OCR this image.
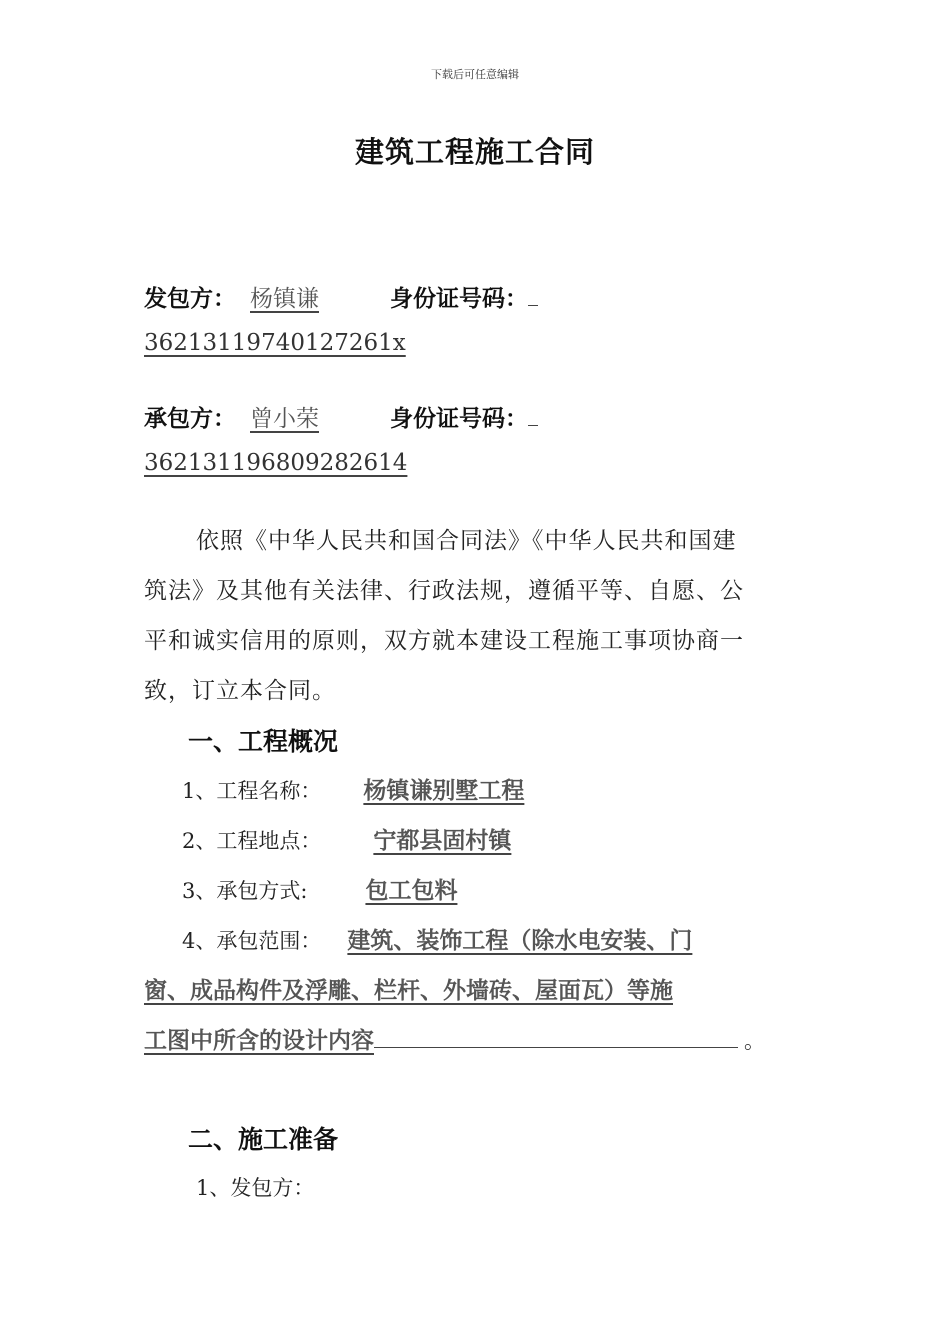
下载后可任意编辑
建筑工程施工合同
发包方： 杨镇谦	身份证号码：
36213119740127261x
承包方： 曾小荣	身份证号码：
362131196809282614
依照《中华人民共和国合同法》《中华人民共和国建
筑法》及其他有关法律、行政法规，遵循平等、自愿、公
平和诚实信用的原则，双方就本建设工程施工事项协商一
致，订立本合同。
一、工程概况
1、工程名称： 杨镇谦别墅工程
2、工程地点： 宁都县固村镇
3、承包方式:	包工包料
4、承包范围： 建筑、装饰工程（除水电安装、门
窗、成品构件及浮雕、栏杆、外墙砖、屋面瓦）等施
工图中所含的设计内容	。
二、施工准备
1、发包方：
